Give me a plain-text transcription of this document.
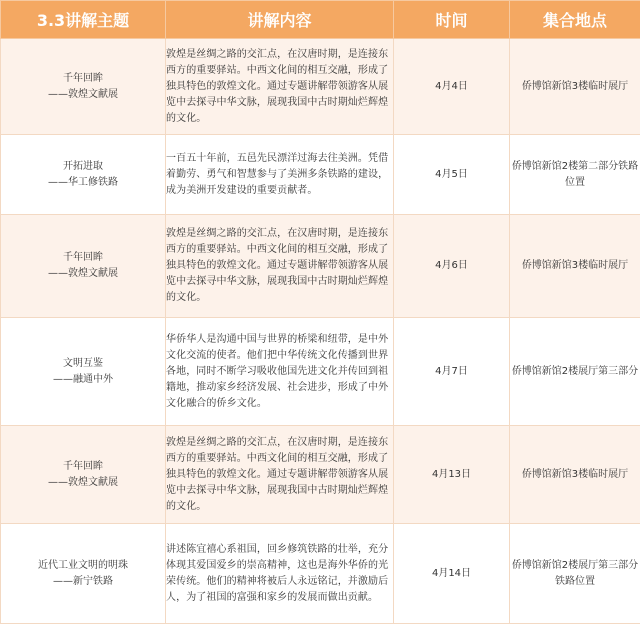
3.3讲解主题	讲解内容	时间	集合地点

千年回眸
——敦煌文献展	敦煌是丝绸之路的交汇点，在汉唐时期，是连接东西方的重要驿站。中西文化间的相互交融，形成了独具特色的敦煌文化。通过专题讲解带领游客从展览中去探寻中华文脉，展现我国中古时期灿烂辉煌的文化。	4月4日	侨博馆新馆3楼临时展厅

开拓进取
——华工修铁路	一百五十年前，五邑先民漂洋过海去往美洲。凭借着勤劳、勇气和智慧参与了美洲多条铁路的建设，成为美洲开发建设的重要贡献者。	4月5日	侨博馆新馆2楼第二部分铁路位置

千年回眸
——敦煌文献展	敦煌是丝绸之路的交汇点，在汉唐时期，是连接东西方的重要驿站。中西文化间的相互交融，形成了独具特色的敦煌文化。通过专题讲解带领游客从展览中去探寻中华文脉，展现我国中古时期灿烂辉煌的文化。	4月6日	侨博馆新馆3楼临时展厅

文明互鉴
——融通中外	华侨华人是沟通中国与世界的桥梁和纽带，是中外文化交流的使者。他们把中华传统文化传播到世界各地，同时不断学习吸收他国先进文化并传回到祖籍地，推动家乡经济发展、社会进步，形成了中外文化融合的侨乡文化。	4月7日	侨博馆新馆2楼展厅第三部分

千年回眸
——敦煌文献展	敦煌是丝绸之路的交汇点，在汉唐时期，是连接东西方的重要驿站。中西文化间的相互交融，形成了独具特色的敦煌文化。通过专题讲解带领游客从展览中去探寻中华文脉，展现我国中古时期灿烂辉煌的文化。	4月13日	侨博馆新馆3楼临时展厅

近代工业文明的明珠
——新宁铁路	讲述陈宜禧心系祖国，回乡修筑铁路的壮举，充分体现其爱国爱乡的崇高精神，这也是海外华侨的光荣传统。他们的精神将被后人永远铭记，并激励后人，为了祖国的富强和家乡的发展而做出贡献。	4月14日	侨博馆新馆2楼展厅第三部分铁路位置
